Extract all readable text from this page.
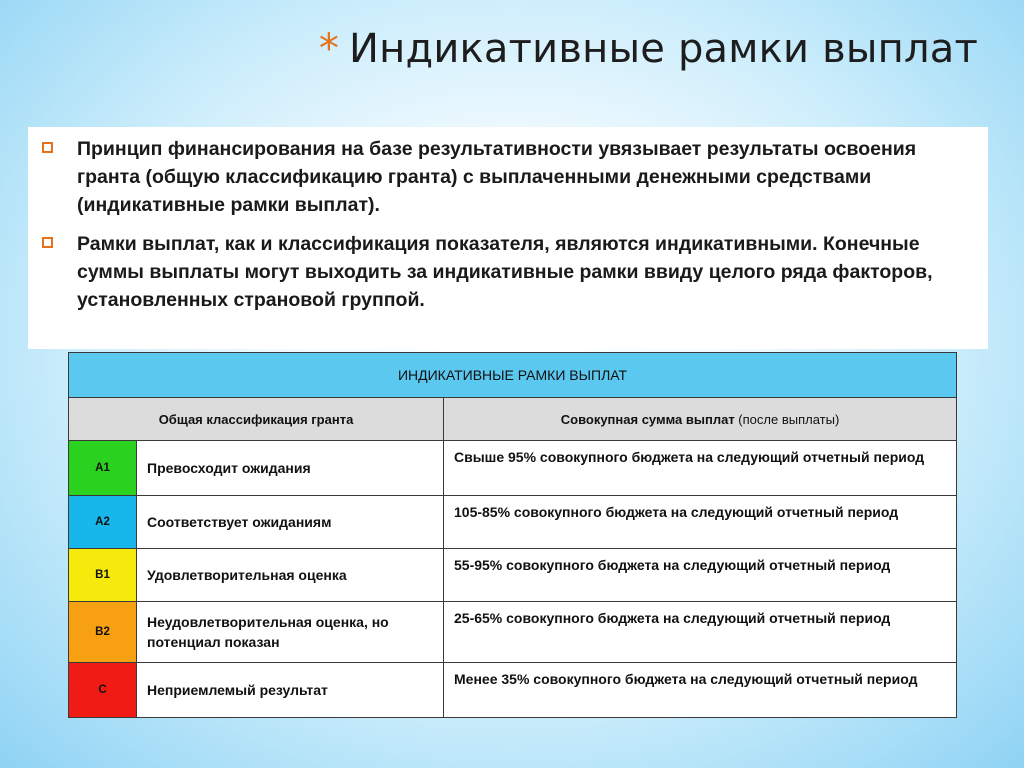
* Индикативные рамки выплат
Принцип финансирования на базе результативности увязывает результаты освоения гранта (общую классификацию гранта) с выплаченными денежными средствами (индикативные рамки выплат).
Рамки выплат, как и классификация показателя, являются индикативными. Конечные суммы выплаты могут выходить за индикативные рамки ввиду целого ряда факторов, установленных страновой группой.
ИНДИКАТИВНЫЕ РАМКИ ВЫПЛАТ		
Общая классификация гранта		Совокупная сумма выплат (после выплаты)
A1	Превосходит ожидания	Свыше 95% совокупного бюджета на следующий отчетный период
A2	Соответствует ожиданиям	105-85% совокупного бюджета на следующий отчетный период
B1	Удовлетворительная оценка	55-95% совокупного бюджета на следующий отчетный период
B2	Неудовлетворительная оценка, но потенциал показан	25-65% совокупного бюджета на следующий отчетный период
C	Неприемлемый результат	Менее 35% совокупного бюджета на следующий отчетный период
